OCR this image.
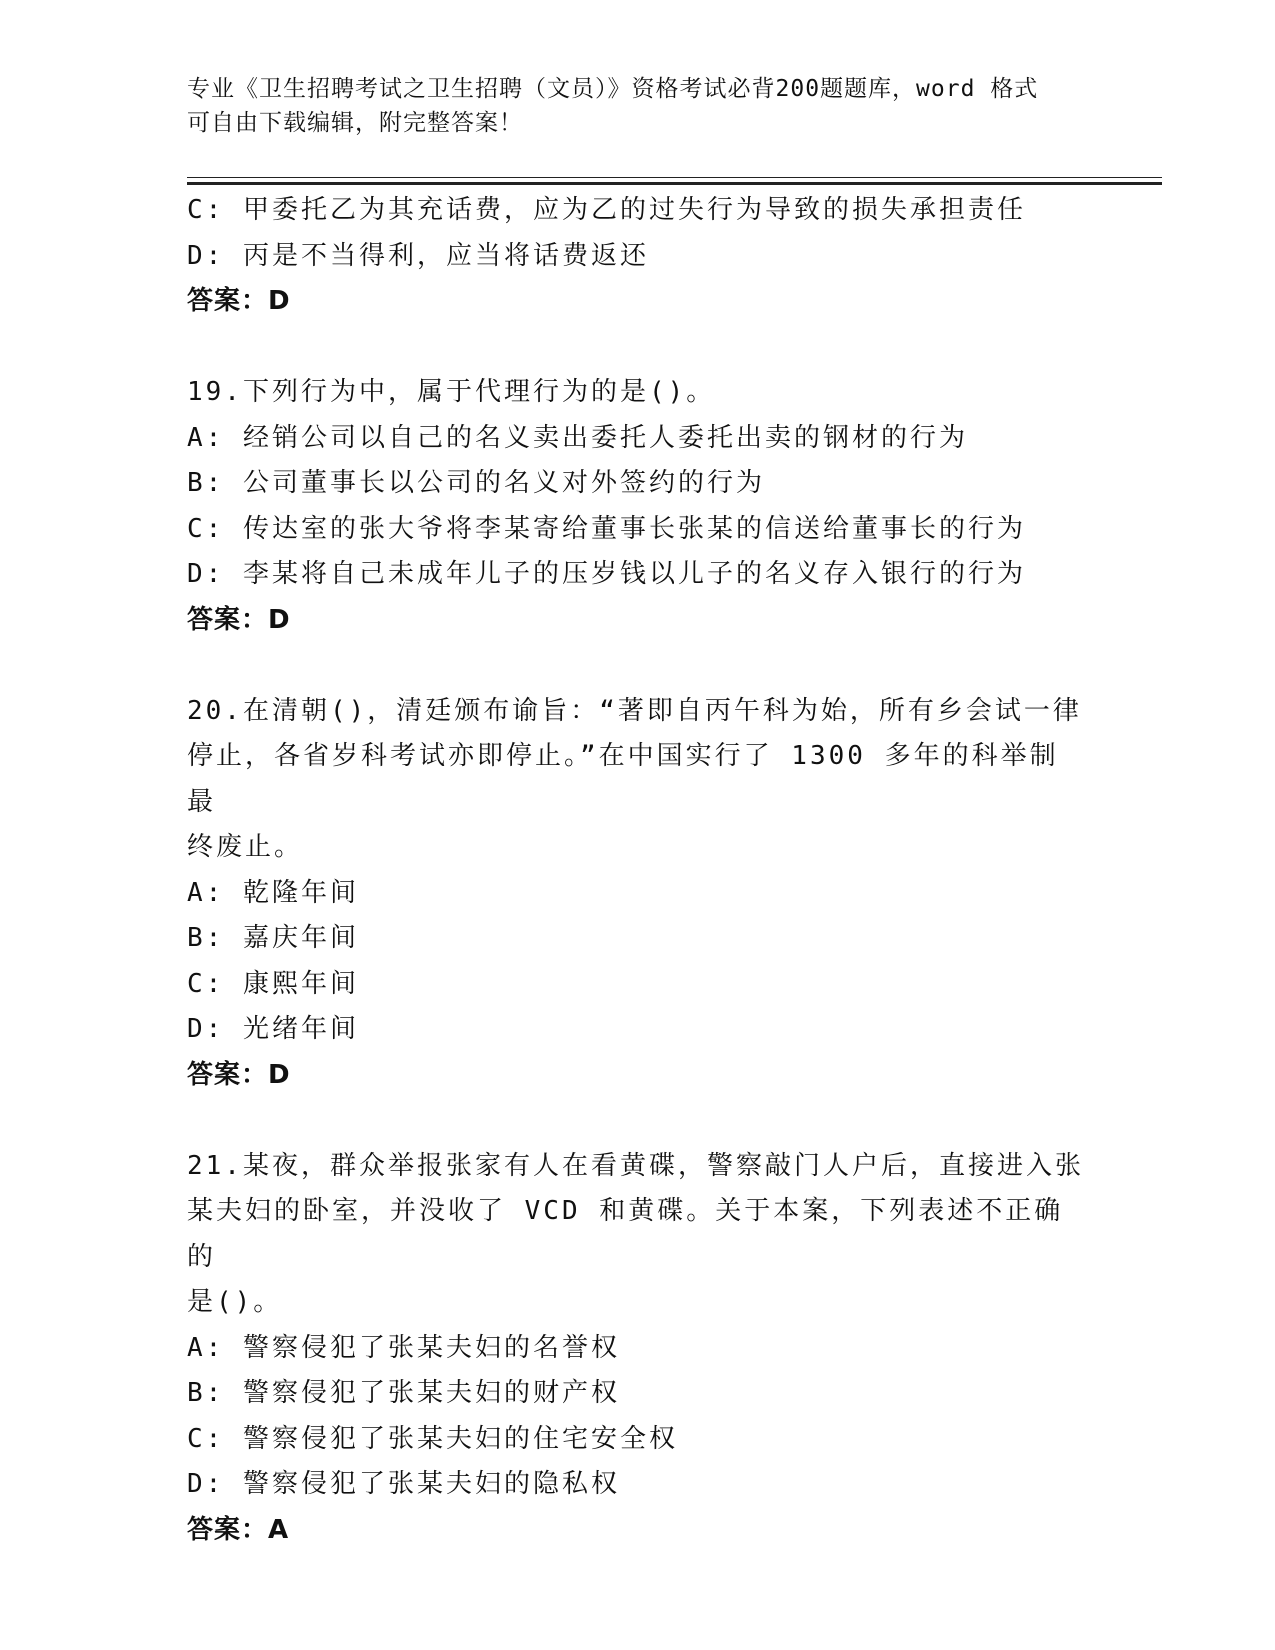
专业《卫生招聘考试之卫生招聘（文员）》资格考试必背200题题库，word 格式
可自由下载编辑，附完整答案！
C: 甲委托乙为其充话费，应为乙的过失行为导致的损失承担责任
D: 丙是不当得利，应当将话费返还
答案：D
19.下列行为中，属于代理行为的是()。
A: 经销公司以自己的名义卖出委托人委托出卖的钢材的行为
B: 公司董事长以公司的名义对外签约的行为
C: 传达室的张大爷将李某寄给董事长张某的信送给董事长的行为
D: 李某将自己未成年儿子的压岁钱以儿子的名义存入银行的行为
答案：D
20.在清朝()，清廷颁布谕旨：“著即自丙午科为始，所有乡会试一律
停止，各省岁科考试亦即停止。”在中国实行了 1300 多年的科举制最
终废止。
A: 乾隆年间
B: 嘉庆年间
C: 康熙年间
D: 光绪年间
答案：D
21.某夜，群众举报张家有人在看黄碟，警察敲门人户后，直接进入张
某夫妇的卧室，并没收了 VCD 和黄碟。关于本案，下列表述不正确的
是()。
A: 警察侵犯了张某夫妇的名誉权
B: 警察侵犯了张某夫妇的财产权
C: 警察侵犯了张某夫妇的住宅安全权
D: 警察侵犯了张某夫妇的隐私权
答案：A
